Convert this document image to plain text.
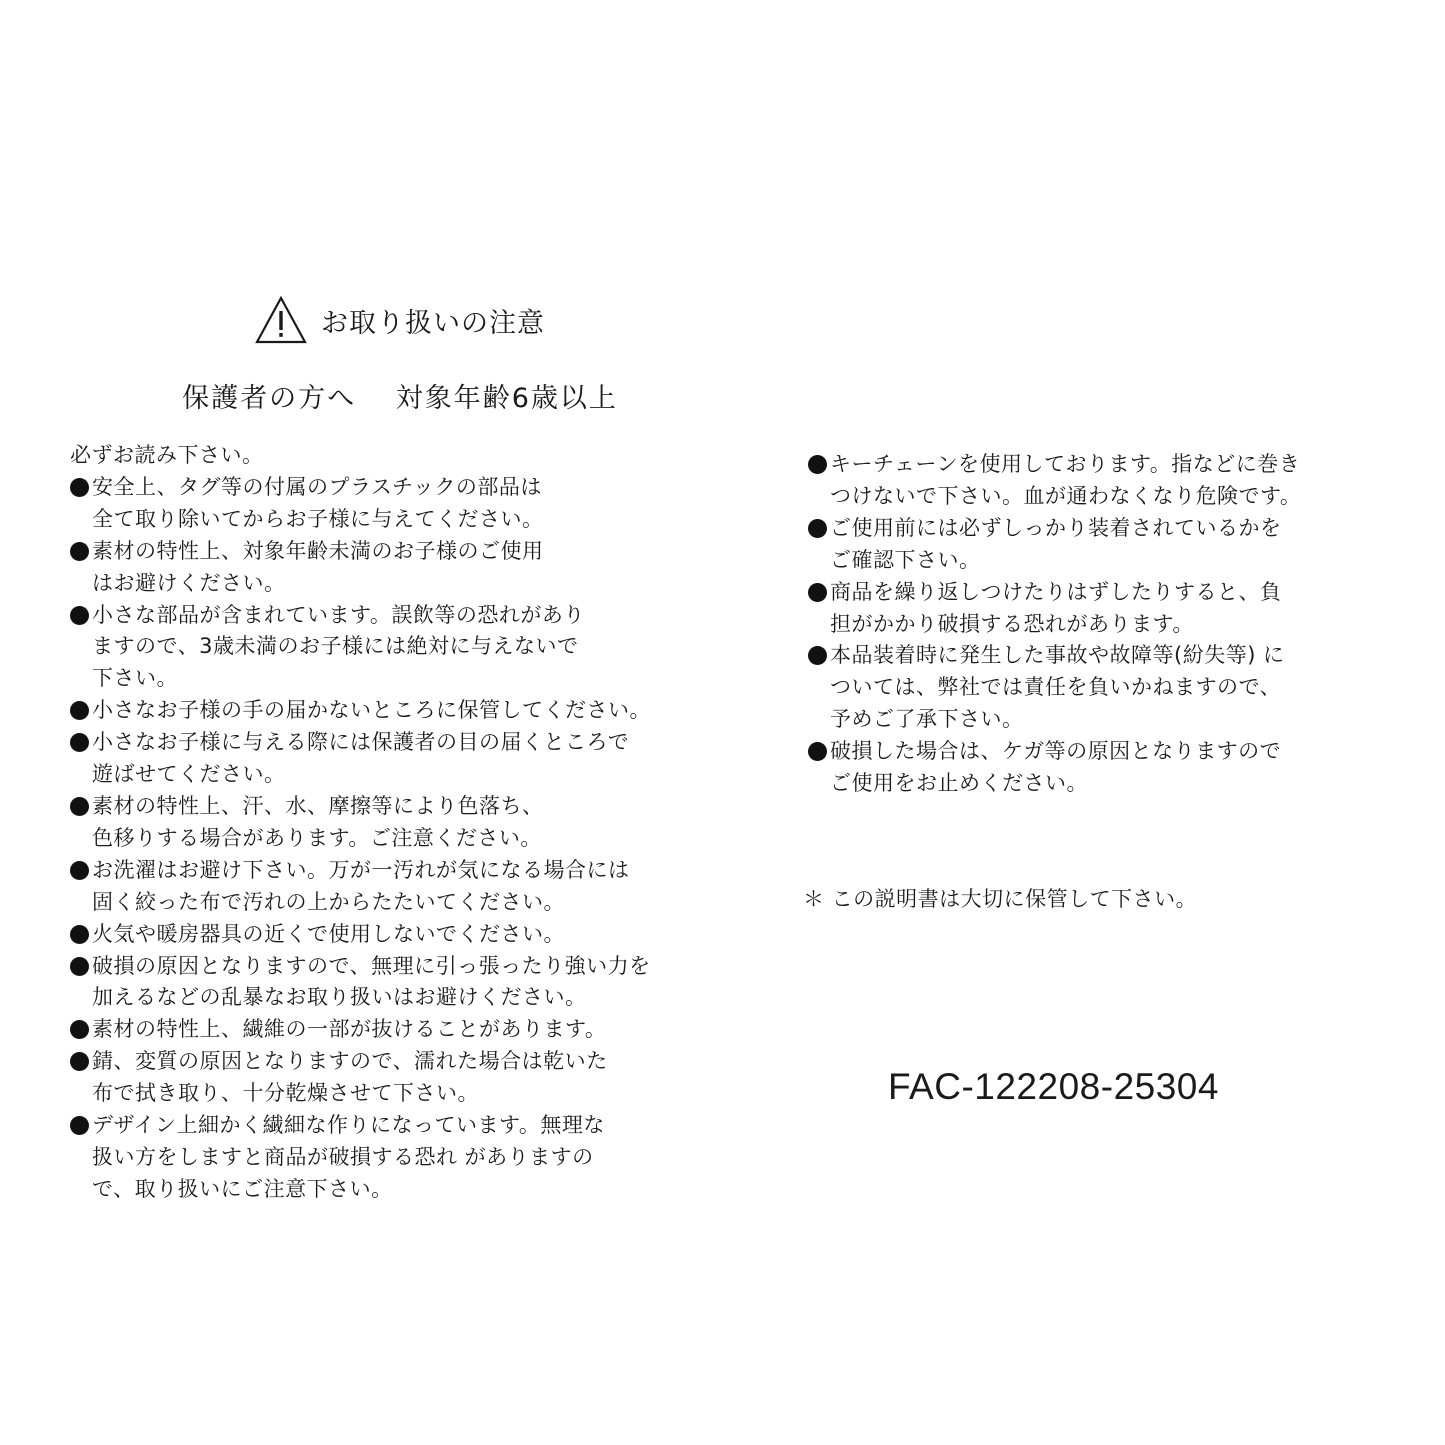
お取り扱いの注意
保護者の方へ　 対象年齢6歳以上
必ずお読み下さい。
安全上、タグ等の付属のプラスチックの部品は
全て取り除いてからお子様に与えてください。
素材の特性上、対象年齢未満のお子様のご使用
はお避けください。
小さな部品が含まれています。誤飲等の恐れがあり
ますので、3歳未満のお子様には絶対に与えないで
下さい。
小さなお子様の手の届かないところに保管してください。
小さなお子様に与える際には保護者の目の届くところで
遊ばせてください。
素材の特性上、汗、水、摩擦等により色落ち、
色移りする場合があります。ご注意ください。
お洗濯はお避け下さい。万が一汚れが気になる場合には
固く絞った布で汚れの上からたたいてください。
火気や暖房器具の近くで使用しないでください。
破損の原因となりますので、無理に引っ張ったり強い力を
加えるなどの乱暴なお取り扱いはお避けください。
素材の特性上、繊維の一部が抜けることがあります。
錆、変質の原因となりますので、濡れた場合は乾いた
布で拭き取り、十分乾燥させて下さい。
デザイン上細かく繊細な作りになっています。無理な
扱い方をしますと商品が破損する恐れ がありますの
で、取り扱いにご注意下さい。
キーチェーンを使用しております。指などに巻き
つけないで下さい。血が通わなくなり危険です。
ご使用前には必ずしっかり装着されているかを
ご確認下さい。
商品を繰り返しつけたりはずしたりすると、負
担がかかり破損する恐れがあります。
本品装着時に発生した事故や故障等(紛失等) に
ついては、弊社では責任を負いかねますので、
予めご了承下さい。
破損した場合は、ケガ等の原因となりますので
ご使用をお止めください。
＊ この説明書は大切に保管して下さい。
FAC-122208-25304
